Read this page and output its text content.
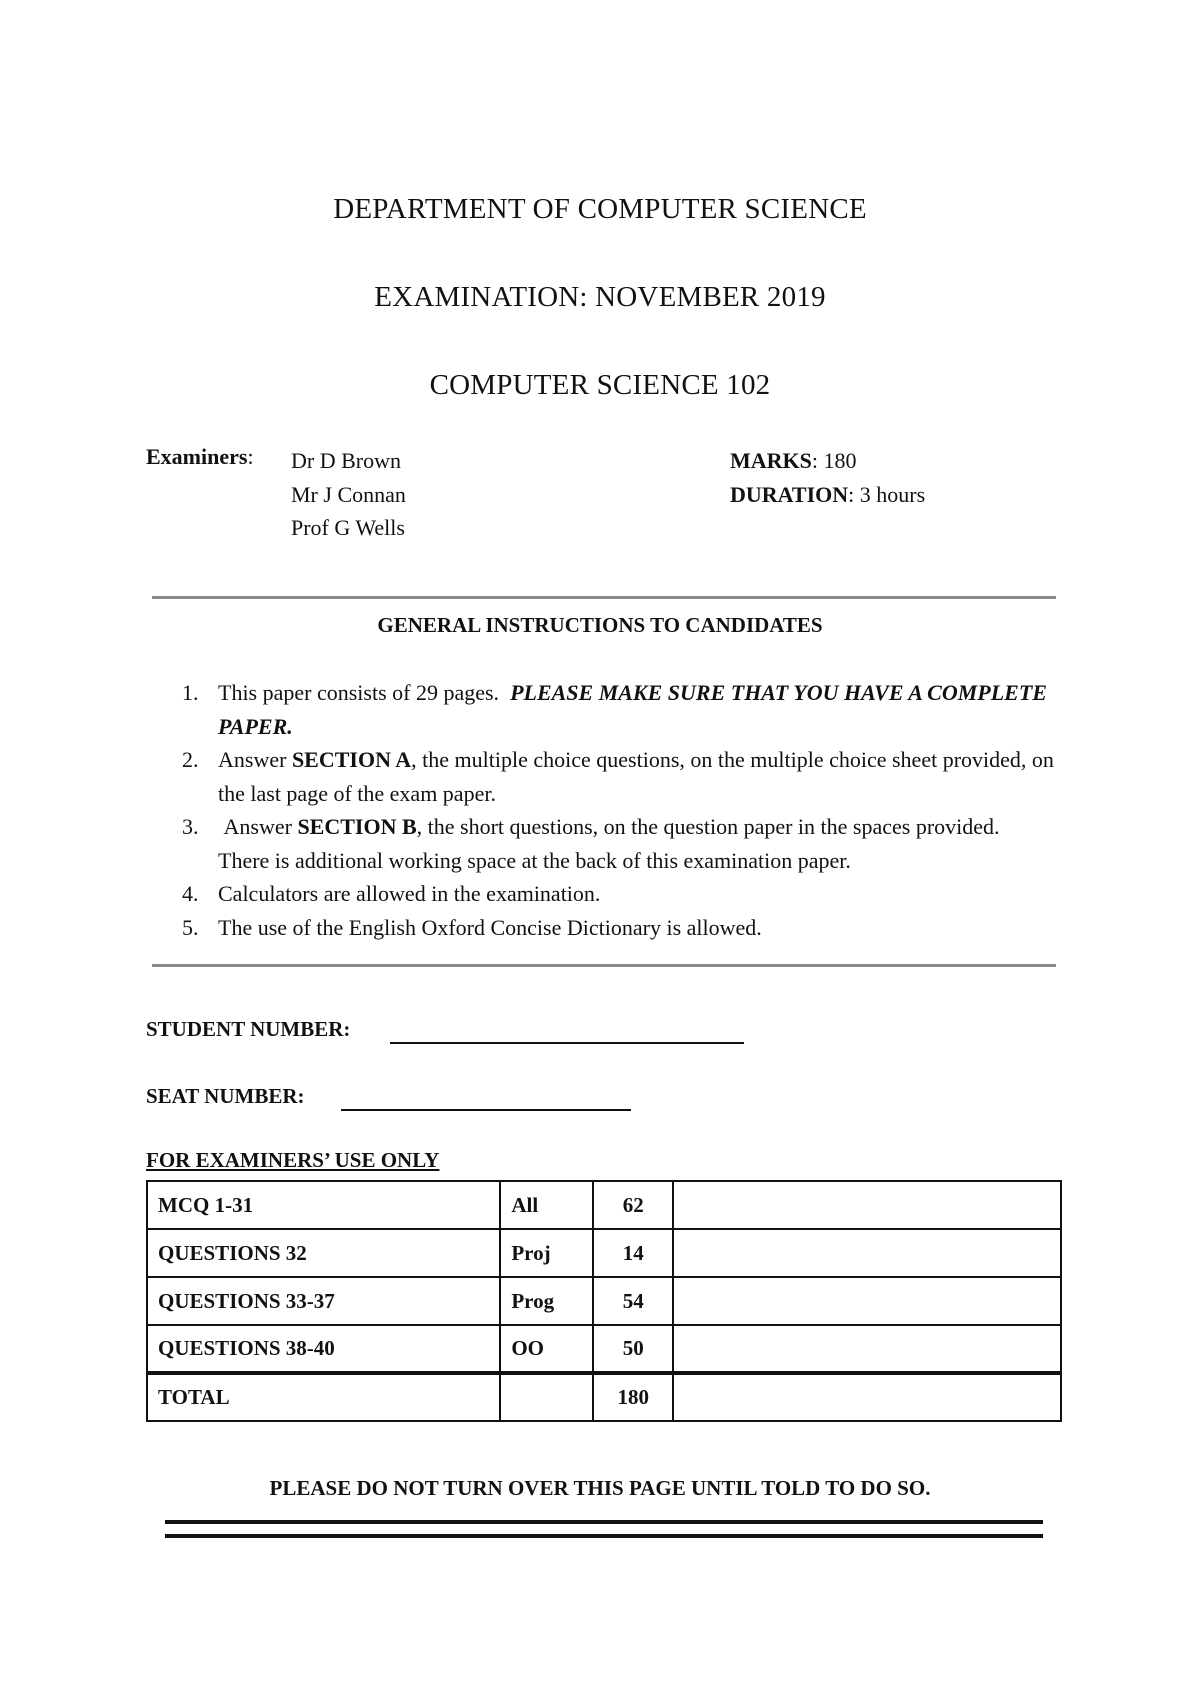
DEPARTMENT OF COMPUTER SCIENCE
EXAMINATION: NOVEMBER 2019
COMPUTER SCIENCE 102
Examiners: Dr D Brown
Mr J Connan
Prof G Wells
MARKS: 180
DURATION: 3 hours
GENERAL INSTRUCTIONS TO CANDIDATES
1. This paper consists of 29 pages. PLEASE MAKE SURE THAT YOU HAVE A COMPLETE PAPER.
2. Answer SECTION A, the multiple choice questions, on the multiple choice sheet provided, on the last page of the exam paper.
3. Answer SECTION B, the short questions, on the question paper in the spaces provided. There is additional working space at the back of this examination paper.
4. Calculators are allowed in the examination.
5. The use of the English Oxford Concise Dictionary is allowed.
STUDENT NUMBER:
SEAT NUMBER:
FOR EXAMINERS’ USE ONLY
MCQ 1-31	All	62	
QUESTIONS 32	Proj	14	
QUESTIONS 33-37	Prog	54	
QUESTIONS 38-40	OO	50	
TOTAL		180	
PLEASE DO NOT TURN OVER THIS PAGE UNTIL TOLD TO DO SO.
